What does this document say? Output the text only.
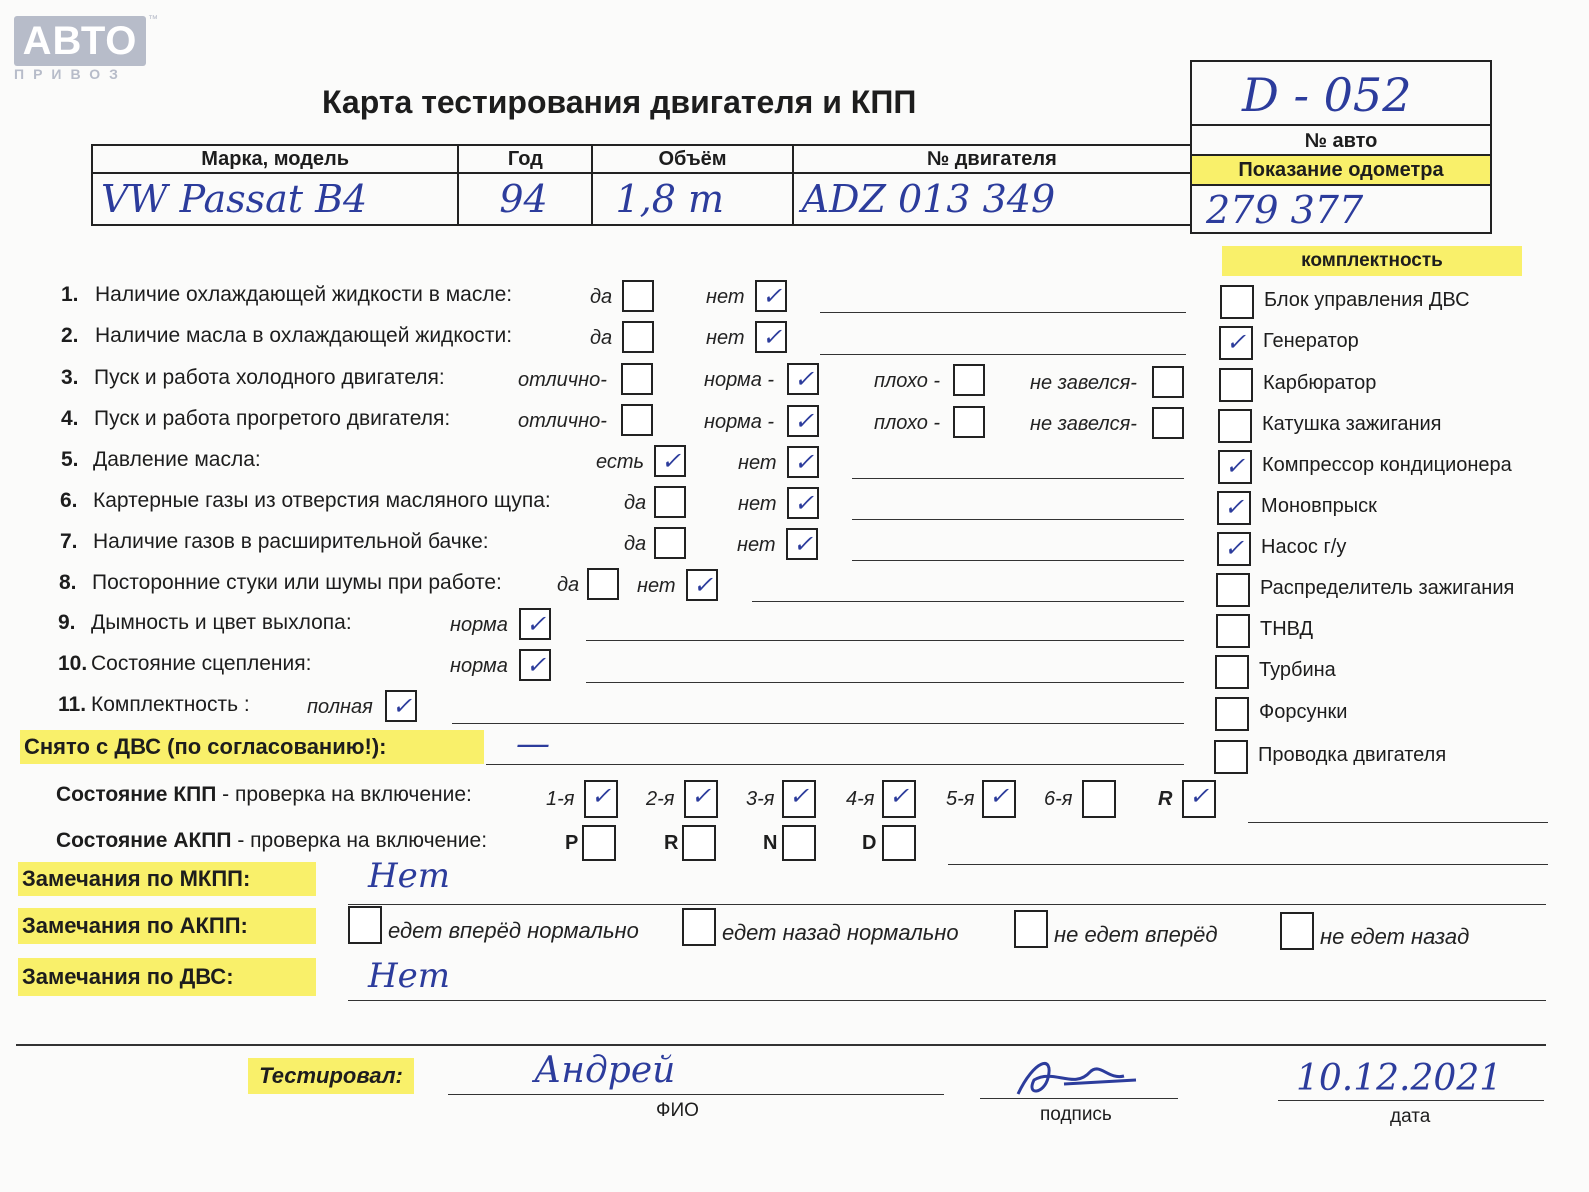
АВТО	™
ПРИВОЗ
Карта тестирования двигателя и КПП	D - 052
№ авто
Показание одометра
279 377
Марка, модель	Год	Объём	№ двигателя
VW Passat B4	94	1,8 m	ADZ 013 349
комплектность
1. Наличие охлаждающей жидкости в масле:	да	нет ✓
2. Наличие масла в охлаждающей жидкости:	да	нет ✓
3. Пуск и работа холодного двигателя:	отлично-	норма - ✓	плохо -	не завелся-
4. Пуск и работа прогретого двигателя:	отлично-	норма - ✓	плохо -	не завелся-
5. Давление масла:	есть ✓	нет ✓
6. Картерные газы из отверстия масляного щупа:	да	нет ✓
7. Наличие газов в расширительной бачке:	да	нет ✓
8. Посторонние стуки или шумы при работе:	да	нет ✓
9. Дымность и цвет выхлопа:	норма ✓
10. Состояние сцепления:	норма ✓
11. Комплектность :	полная ✓
Снято с ДВС (по согласованию!):	—
Блок управления ДВС
✓ Генератор
Карбюратор
Катушка зажигания
✓ Компрессор кондиционера
✓ Моновпрыск
✓ Насос г/у
Распределитель зажигания
ТНВД
Турбина
Форсунки
Проводка двигателя
Состояние КПП - проверка на включение:	1-я ✓ 2-я ✓ 3-я ✓ 4-я ✓ 5-я ✓ 6-я	R ✓
Состояние АКПП - проверка на включение:	P	R	N	D
Замечания по МКПП:	Нет
Замечания по АКПП:	едет вперёд нормально	едет назад нормально	не едет вперёд	не едет назад
Замечания по ДВС:	Нет
Тестировал:	Андрей
ФИО	подпись
10.12.2021
дата
